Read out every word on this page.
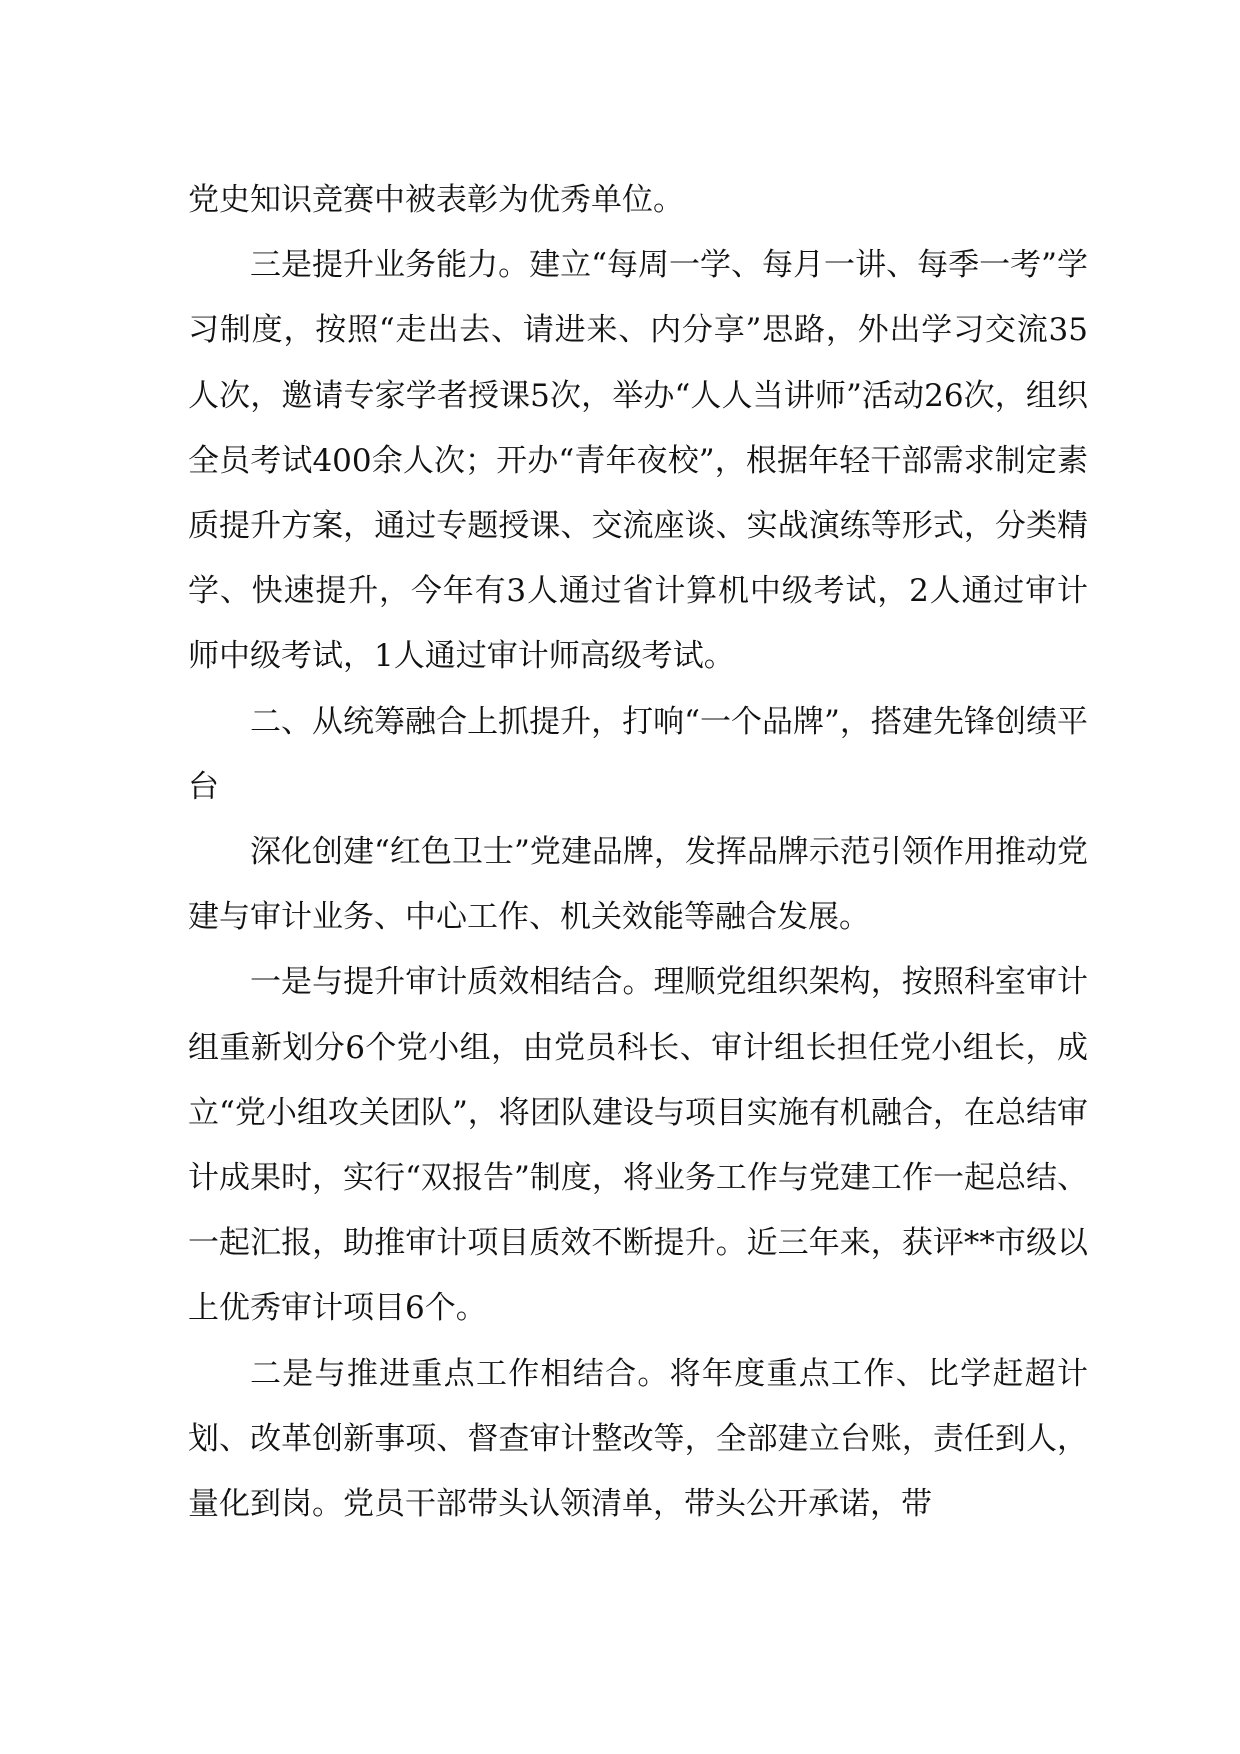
党史知识竞赛中被表彰为优秀单位。

三是提升业务能力。建立“每周一学、每月一讲、每季一考”学习制度，按照“走出去、请进来、内分享”思路，外出学习交流35人次，邀请专家学者授课5次，举办“人人当讲师”活动26次，组织全员考试400余人次；开办“青年夜校”，根据年轻干部需求制定素质提升方案，通过专题授课、交流座谈、实战演练等形式，分类精学、快速提升，今年有3人通过省计算机中级考试，2人通过审计师中级考试，1人通过审计师高级考试。

二、从统筹融合上抓提升，打响“一个品牌”，搭建先锋创绩平台

深化创建“红色卫士”党建品牌，发挥品牌示范引领作用推动党建与审计业务、中心工作、机关效能等融合发展。

一是与提升审计质效相结合。理顺党组织架构，按照科室审计组重新划分6个党小组，由党员科长、审计组长担任党小组长，成立“党小组攻关团队”，将团队建设与项目实施有机融合，在总结审计成果时，实行“双报告”制度，将业务工作与党建工作一起总结、一起汇报，助推审计项目质效不断提升。近三年来，获评**市级以上优秀审计项目6个。

二是与推进重点工作相结合。将年度重点工作、比学赶超计划、改革创新事项、督查审计整改等，全部建立台账，责任到人，量化到岗。党员干部带头认领清单，带头公开承诺，带
